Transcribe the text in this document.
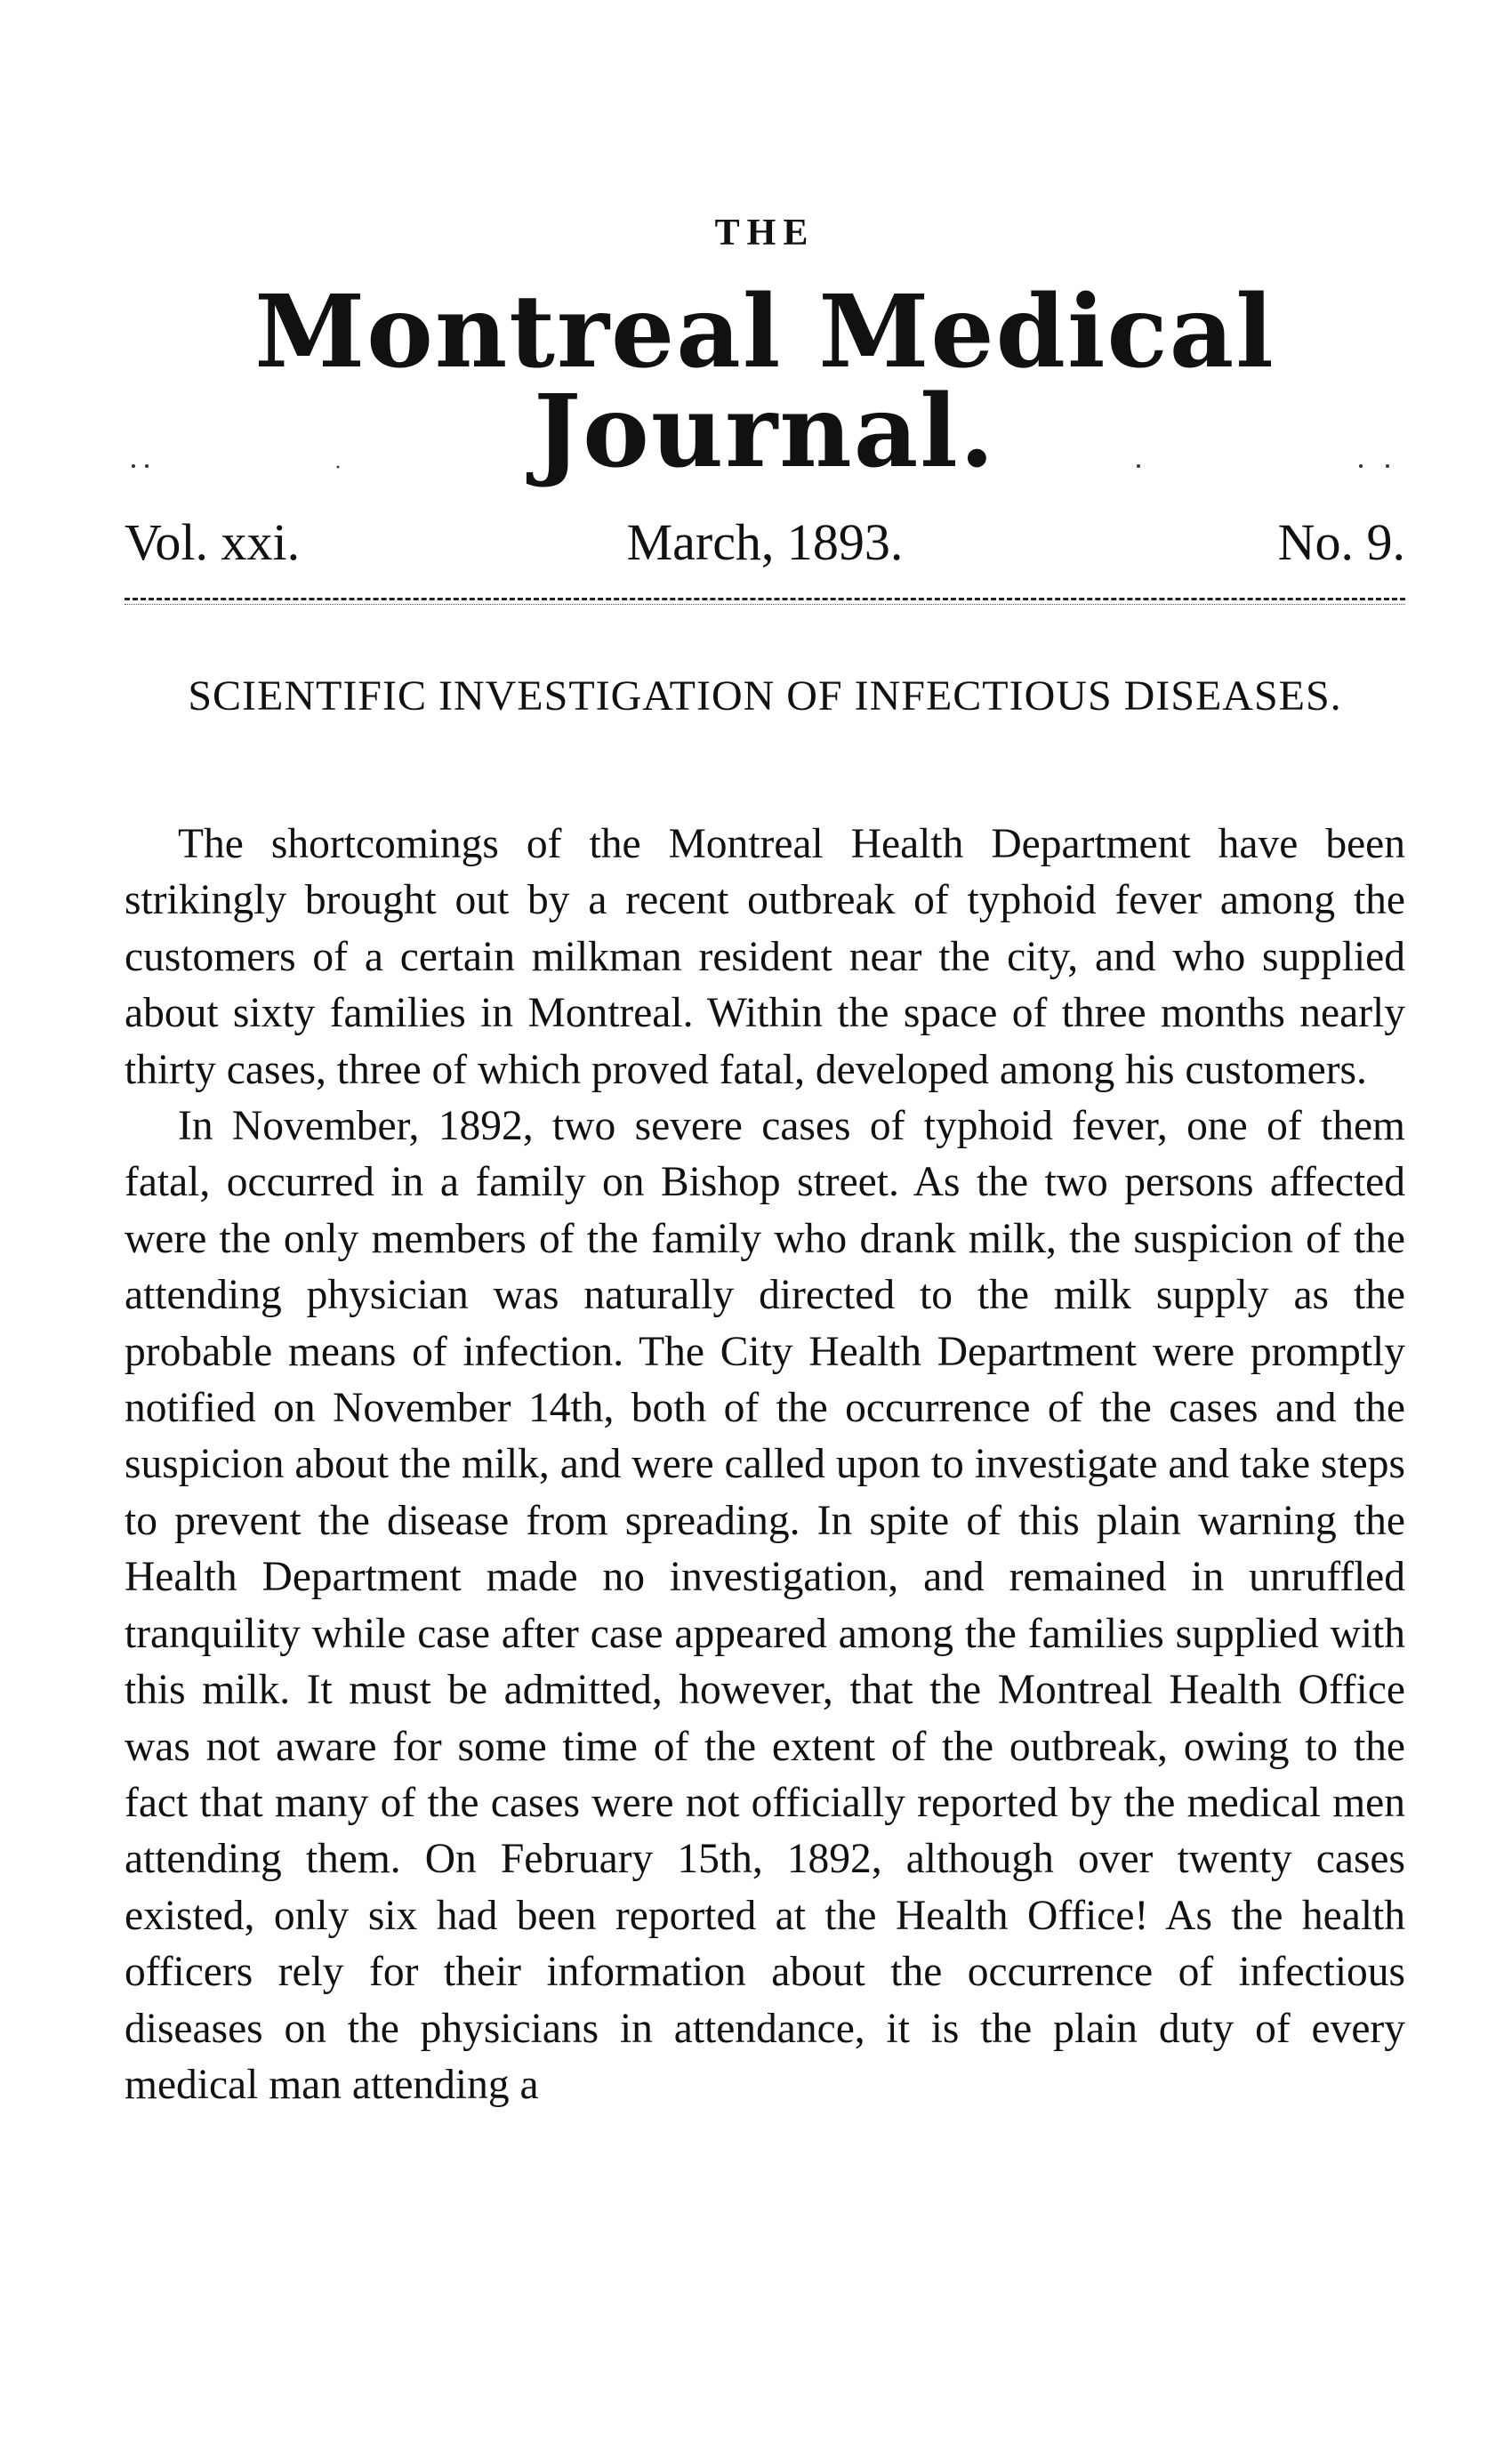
THE
Montreal Medical Journal.
Vol. xxi.	March, 1893.	No. 9.
SCIENTIFIC INVESTIGATION OF INFECTIOUS DISEASES.

The shortcomings of the Montreal Health Department have been strikingly brought out by a recent outbreak of typhoid fever among the customers of a certain milkman resident near the city, and who supplied about sixty families in Montreal. Within the space of three months nearly thirty cases, three of which proved fatal, developed among his customers.

In November, 1892, two severe cases of typhoid fever, one of them fatal, occurred in a family on Bishop street. As the two persons affected were the only members of the family who drank milk, the suspicion of the attending physician was naturally directed to the milk supply as the probable means of infection. The City Health Department were promptly notified on November 14th, both of the occurrence of the cases and the suspicion about the milk, and were called upon to investigate and take steps to prevent the disease from spreading. In spite of this plain warning the Health Department made no investigation, and remained in unruffled tranquility while case after case appeared among the families supplied with this milk. It must be admitted, however, that the Montreal Health Office was not aware for some time of the extent of the outbreak, owing to the fact that many of the cases were not officially reported by the medical men attending them. On February 15th, 1892, although over twenty cases existed, only six had been reported at the Health Office! As the health officers rely for their information about the occurrence of infectious diseases on the physicians in attendance, it is the plain duty of every medical man attending a
